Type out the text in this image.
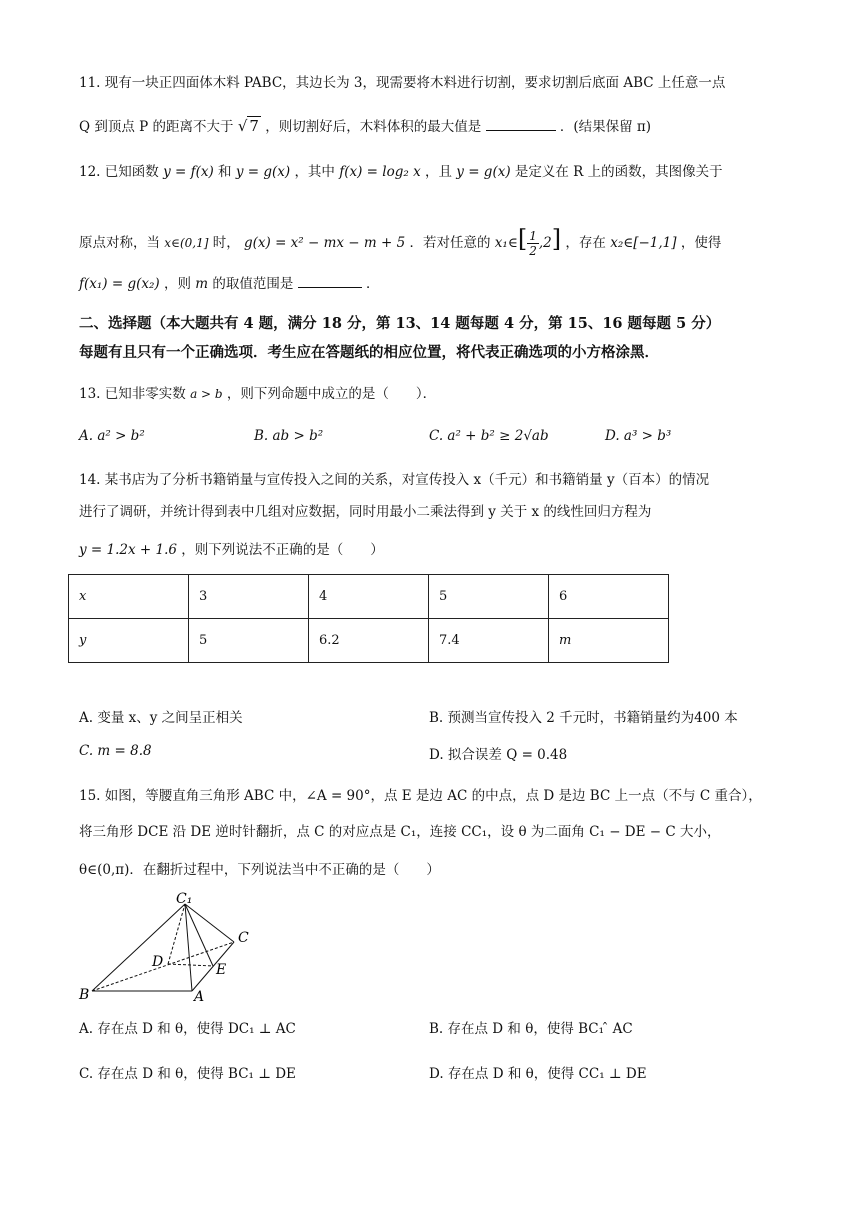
11. 现有一块正四面体木料 PABC，其边长为 3，现需要将木料进行切割，要求切割后底面 ABC 上任意一点
Q 到顶点 P 的距离不大于 √ 7 ，则切割好后，木料体积的最大值是	．(结果保留 π)
12. 已知函数 y = f(x) 和 y = g(x) ，其中 f(x) = log₂ x ，且 y = g(x) 是定义在 R 上的函数，其图像关于
原点对称，当 x∈(0,1] 时， g(x) = x² − mx − m + 5 ．若对任意的 x₁∈[ $\frac{1}{2} ,2$] ，存在 x₂∈[−1,1] ，使得
f(x₁) = g(x₂) ，则 m 的取值范围是	．
二、选择题（本大题共有 4 题，满分 18 分，第 13、14 题每题 4 分，第 15、16 题每题 5 分）
每题有且只有一个正确选项．考生应在答题纸的相应位置，将代表正确选项的小方格涂黑．
13. 已知非零实数 a > b ，则下列命题中成立的是（　　）．
A. a² > b²	B. ab > b²	C. a² + b² ≥ 2√ab	D. a³ > b³
14. 某书店为了分析书籍销量与宣传投入之间的关系，对宣传投入 x（千元）和书籍销量 y（百本）的情况
进行了调研，并统计得到表中几组对应数据，同时用最小二乘法得到 y 关于 x 的线性回归方程为
y = 1.2x + 1.6 ，则下列说法不正确的是（　　）
x	3	4	5	6
y	5	6.2	7.4	m
A. 变量 x、y 之间呈正相关	B. 预测当宣传投入 2 千元时，书籍销量约为400 本
C. m = 8.8	D. 拟合误差 Q = 0.48
15. 如图，等腰直角三角形 ABC 中，∠A = 90°，点 E 是边 AC 的中点，点 D 是边 BC 上一点（不与 C 重合），
将三角形 DCE 沿 DE 逆时针翻折，点 C 的对应点是 C₁，连接 CC₁，设 θ 为二面角 C₁ − DE − C 大小，
θ∈(0,π)．在翻折过程中，下列说法当中不正确的是（　　）
C₁
C
D	E
B	A
A. 存在点 D 和 θ，使得 DC₁ ⊥ AC	B. 存在点 D 和 θ，使得 BC₁ ̂ AC
C. 存在点 D 和 θ，使得 BC₁ ⊥ DE	D. 存在点 D 和 θ，使得 CC₁ ⊥ DE
